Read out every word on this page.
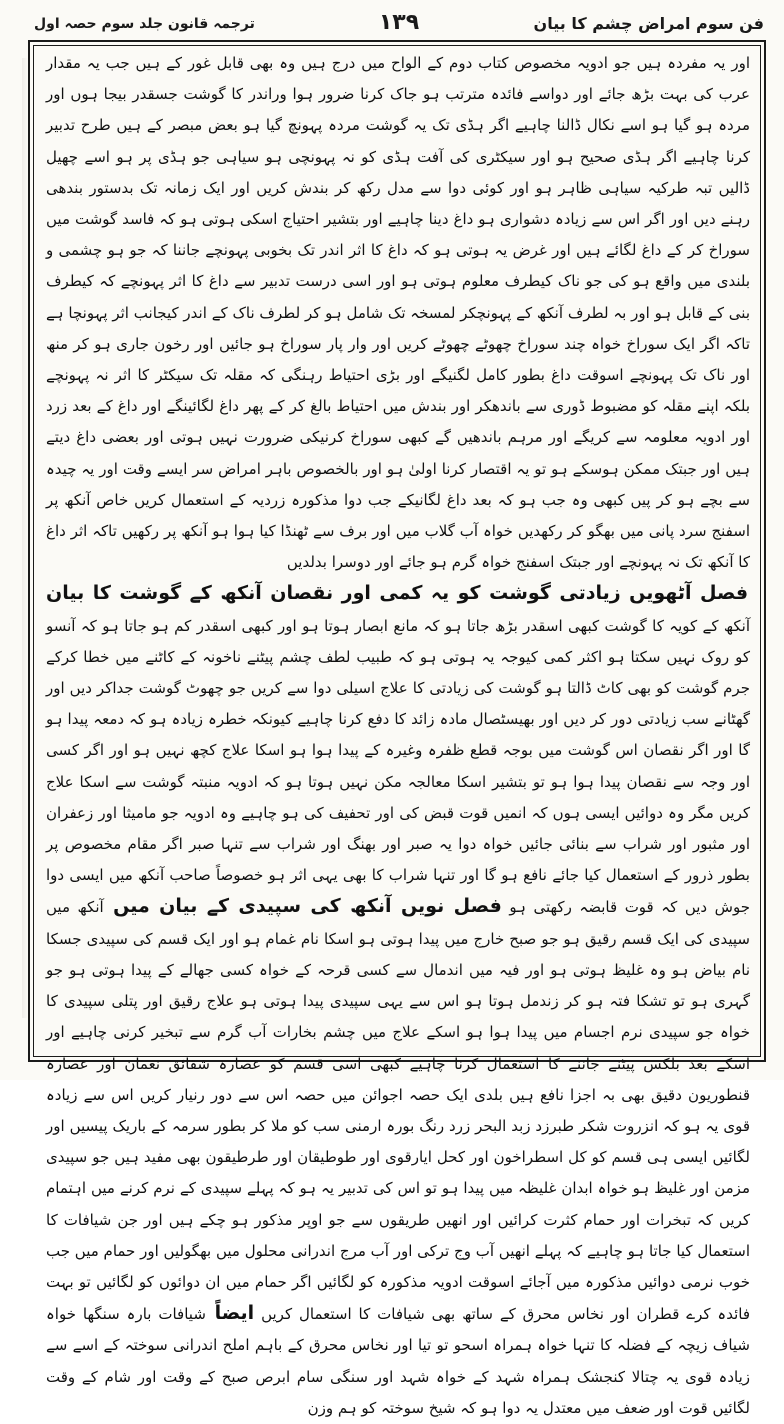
فن سوم امراض چشم کا بیان
۱۳۹
ترجمہ قانون جلد سوم حصہ اول

اور یہ مفردہ ہیں جو ادویہ مخصوص کتاب دوم کے الواح میں درج ہیں وہ بھی قابل غور کے ہیں جب یہ مقدار عرب کی بہت بڑھ جائے اور دواسے فائدہ مترتب ہو جاک کرنا ضرور ہوا وراندر کا گوشت جسقدر بیجا ہوں اور مردہ ہو گیا ہو اسے نکال ڈالنا چاہیے اگر ہڈی تک یہ گوشت مردہ پہونچ گیا ہو بعض مبصر کے ہیں طرح تدبیر کرنا چاہیے اگر ہڈی صحیح ہو اور سیکٹری کی آفت ہڈی کو نہ پہونچی ہو سیاہی جو ہڈی پر ہو اسے چھیل ڈالیں تبہ طرکیہ سیاہی ظاہر ہو اور کوئی دوا سے مدل رکھ کر بندش کریں اور ایک زمانہ تک بدستور بندھی رہنے دیں اور اگر اس سے زیادہ دشواری ہو داغ دینا چاہیے اور بتشیر احتیاج اسکی ہوتی ہو کہ فاسد گوشت میں سوراخ کر کے داغ لگائے ہیں اور غرض یہ ہوتی ہو کہ داغ کا اثر اندر تک بخوبی پہونچے جاننا کہ جو ہو چشمی و بلندی میں واقع ہو کی جو ناک کیطرف معلوم ہوتی ہو اور اسی درست تدبیر سے داغ کا اثر پہونچے کہ کیطرف بنی کے قابل ہو اور بہ لطرف آنکھ کے پہونچکر لمسخہ تک شامل ہو کر لطرف ناک کے اندر کیجانب اثر پہونچا ہے تاکہ اگر ایک سوراخ خواہ چند سوراخ چھوٹے چھوٹے کریں اور وار پار سوراخ ہو جائیں اور رخون جاری ہو کر منھ اور ناک تک پہونچے اسوقت داغ بطور کامل لگنیگے اور بڑی احتیاط رہنگی کہ مقلہ تک سیکٹر کا اثر نہ پہونچے بلکہ اپنے مقلہ کو مضبوط ڈوری سے باندھکر اور بندش میں احتیاط بالغ کر کے پھر داغ لگائینگے اور داغ کے بعد زرد اور ادویہ معلومہ سے کریگے اور مرہم باندھیں گے کبھی سوراخ کرنیکی ضرورت نہیں ہوتی اور بعضی داغ دیتے ہیں اور جبتک ممکن ہوسکے ہو تو یہ اقتصار کرنا اولیٰ ہو اور بالخصوص باہر امراض سر ایسے وقت اور یہ چیدہ سے بچے ہو کر پیں کبھی وہ جب ہو کہ بعد داغ لگانیکے جب دوا مذکورہ زردیہ کے استعمال کریں خاص آنکھ پر اسفنج سرد پانی میں بھگو کر رکھدیں خواہ آب گلاب میں اور برف سے ٹھنڈا کیا ہوا ہو آنکھ پر رکھیں تاکہ اثر داغ کا آنکھ تک نہ پہونچے اور جبتک اسفنج خواہ گرم ہو جائے اور دوسرا بدلدیں

فصل آٹھویں زیادتی گوشت کو یہ کمی اور نقصان آنکھ کے گوشت کا بیان آنکھ کے کویہ کا گوشت کبھی اسقدر بڑھ جاتا ہو کہ مانع ابصار ہوتا ہو اور کبھی اسقدر کم ہو جاتا ہو کہ آنسو کو روک نہیں سکتا ہو اکثر کمی کیوجہ یہ ہوتی ہو کہ طبیب لطف چشم پیٹنے ناخونہ کے کاٹنے میں خطا کرکے جرم گوشت کو بھی کاٹ ڈالتا ہو گوشت کی زیادتی کا علاج اسیلی دوا سے کریں جو چھوٹ گوشت جداکر دیں اور گھٹانے سب زیادتی دور کر دیں اور بھیسٹصال مادہ زائد کا دفع کرنا چاہیے کیونکہ خطرہ زیادہ ہو کہ دمعہ پیدا ہو گا اور اگر نقصان اس گوشت میں بوجہ قطع ظفرہ وغیرہ کے پیدا ہوا ہو اسکا علاج کچھ نہیں ہو اور اگر کسی اور وجہ سے نقصان پیدا ہوا ہو تو بتشیر اسکا معالجہ مکن نہیں ہوتا ہو کہ ادویہ منبتہ گوشت سے اسکا علاج کریں مگر وہ دوائیں ایسی ہوں کہ انمیں قوت قبض کی اور تحفیف کی ہو چاہیے وہ ادویہ جو مامیثا اور زعفران اور مثبور اور شراب سے بنائی جائیں خواہ دوا یہ صبر اور بھنگ اور شراب سے تنہا صبر اگر مقام مخصوص پر بطور ذرور کے استعمال کیا جائے نافع ہو گا اور تنہا شراب کا بھی یہی اثر ہو خصوصاً صاحب آنکھ میں ایسی دوا جوش دیں کہ قوت قابضہ رکھتی ہو فصل نویں آنکھ کی سپیدی کے بیان میں آنکھ میں سپیدی کی ایک قسم رقیق ہو جو صبح خارج میں پیدا ہوتی ہو اسکا نام غمام ہو اور ایک قسم کی سپیدی جسکا نام بیاض ہو وہ غلیظ ہوتی ہو اور فیہ میں اندمال سے کسی قرحہ کے خواہ کسی جھالے کے پیدا ہوتی ہو جو گہری ہو تو تشکا فتہ ہو کر زندمل ہوتا ہو اس سے یہی سپیدی پیدا ہوتی ہو علاج رقیق اور پتلی سپیدی کا خواہ جو سپیدی نرم اجسام میں پیدا ہوا ہو اسکے علاج میں چشم بخارات آب گرم سے تبخیر کرنی چاہیے اور اسکے بعد بلکس پیٹنے جاننے کا استعمال کرنا چاہیے کبھی اسی قسم کو عصارہ شقائق نعمان اور عصارہ قنطوریون دقیق بھی بہ اجزا نافع ہیں بلدی ایک حصہ اجوائن میں حصہ اس سے دور رنیار کریں اس سے زیادہ قوی یہ ہو کہ انزروت شکر طبرزد زبد البحر زرد رنگ بورہ ارمنی سب کو ملا کر بطور سرمہ کے باریک پیسیں اور لگائیں ایسی ہی قسم کو کل اسطراخون اور کحل ایارقوی اور طوطیقان اور طرطیقون بھی مفید ہیں جو سپیدی مزمن اور غلیظ ہو خواہ ابدان غلیظہ میں پیدا ہو تو اس کی تدبیر یہ ہو کہ پہلے سپیدی کے نرم کرنے میں اہتمام کریں کہ تبخرات اور حمام کثرت کرائیں اور انھیں طریقوں سے جو اوپر مذکور ہو چکے ہیں اور جن شیافات کا استعمال کیا جاتا ہو چاہیے کہ پہلے انھیں آب وج ترکی اور آب مرج اندرانی محلول میں بھگولیں اور حمام میں جب خوب نرمی دوائیں مذکورہ میں آجائے اسوقت ادویہ مذکورہ کو لگائیں اگر حمام میں ان دوائوں کو لگائیں تو بہت فائدہ کرے قطران اور نخاس محرق کے ساتھ بھی شیافات کا استعمال کریں ایضاً شیافات بارہ سنگھا خواہ شیاف زیچہ کے فضلہ کا تنہا خواہ ہمراہ اسحو تو تیا اور نخاس محرق کے باہم املح اندرانی سوختہ کے اسے سے زیادہ قوی یہ چتالا کنجشک ہمراہ شہد کے خواہ شہد اور سنگی سام ابرص صبح کے وقت اور شام کے وقت لگائیں قوت اور ضعف میں معتدل یہ دوا ہو کہ شیخ سوختہ کو ہم وزن
